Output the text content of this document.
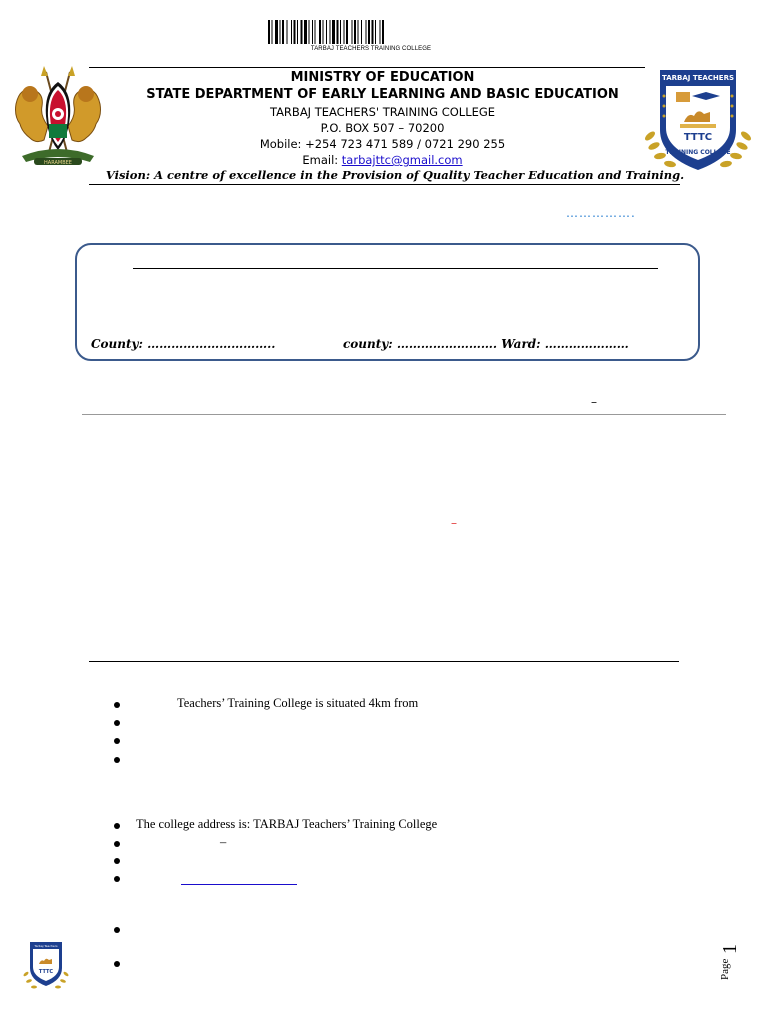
TARBAJ TEACHERS TRAINING COLLEGE
HARAMBEE
MINISTRY OF EDUCATION
STATE DEPARTMENT OF EARLY LEARNING AND BASIC EDUCATION
TARBAJ TEACHERS' TRAINING COLLEGE
P.O. BOX 507 – 70200
Mobile: +254 723 471 589 / 0721 290 255
Email: tarbajttc@gmail.com
Vision: A centre of excellence in the Provision of Quality Teacher Education and Training.
TARBAJ TEACHERS
TTTC
TRAINING COLLEGE
…………….
County: …………………………..	county: ……………………. Ward: …………………
–
–
Teachers’ Training College is situated 4km from
The college address is: TARBAJ Teachers’ Training College
–
Tarbaj Teachers
TTTC	Page
1
